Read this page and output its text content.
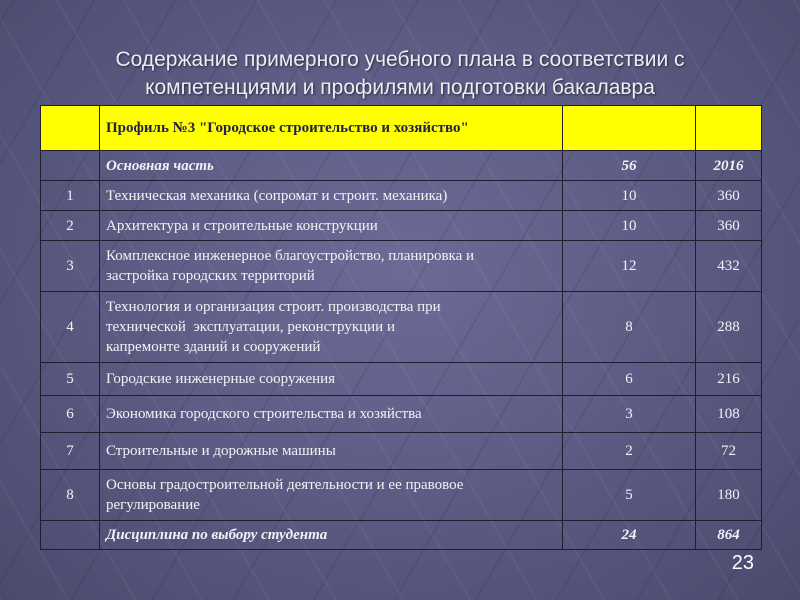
Содержание примерного учебного плана в соответствии с
компетенциями и профилями подготовки бакалавра
	Профиль №3 "Городское строительство и хозяйство"		
	Основная часть	56	2016
1	Техническая механика (сопромат и строит. механика)	10	360
2	Архитектура и строительные конструкции	10	360
3	Комплексное инженерное благоустройство, планировка и
застройка городских территорий	12	432
4	Технология и организация строит. производства при
технической  эксплуатации, реконструкции и
капремонте зданий и сооружений	8	288
5	Городские инженерные сооружения	6	216
6	Экономика городского строительства и хозяйства	3	108
7	Строительные и дорожные машины	2	72
8	Основы градостроительной деятельности и ее правовое
регулирование	5	180
	Дисциплина по выбору студента	24	864
23
